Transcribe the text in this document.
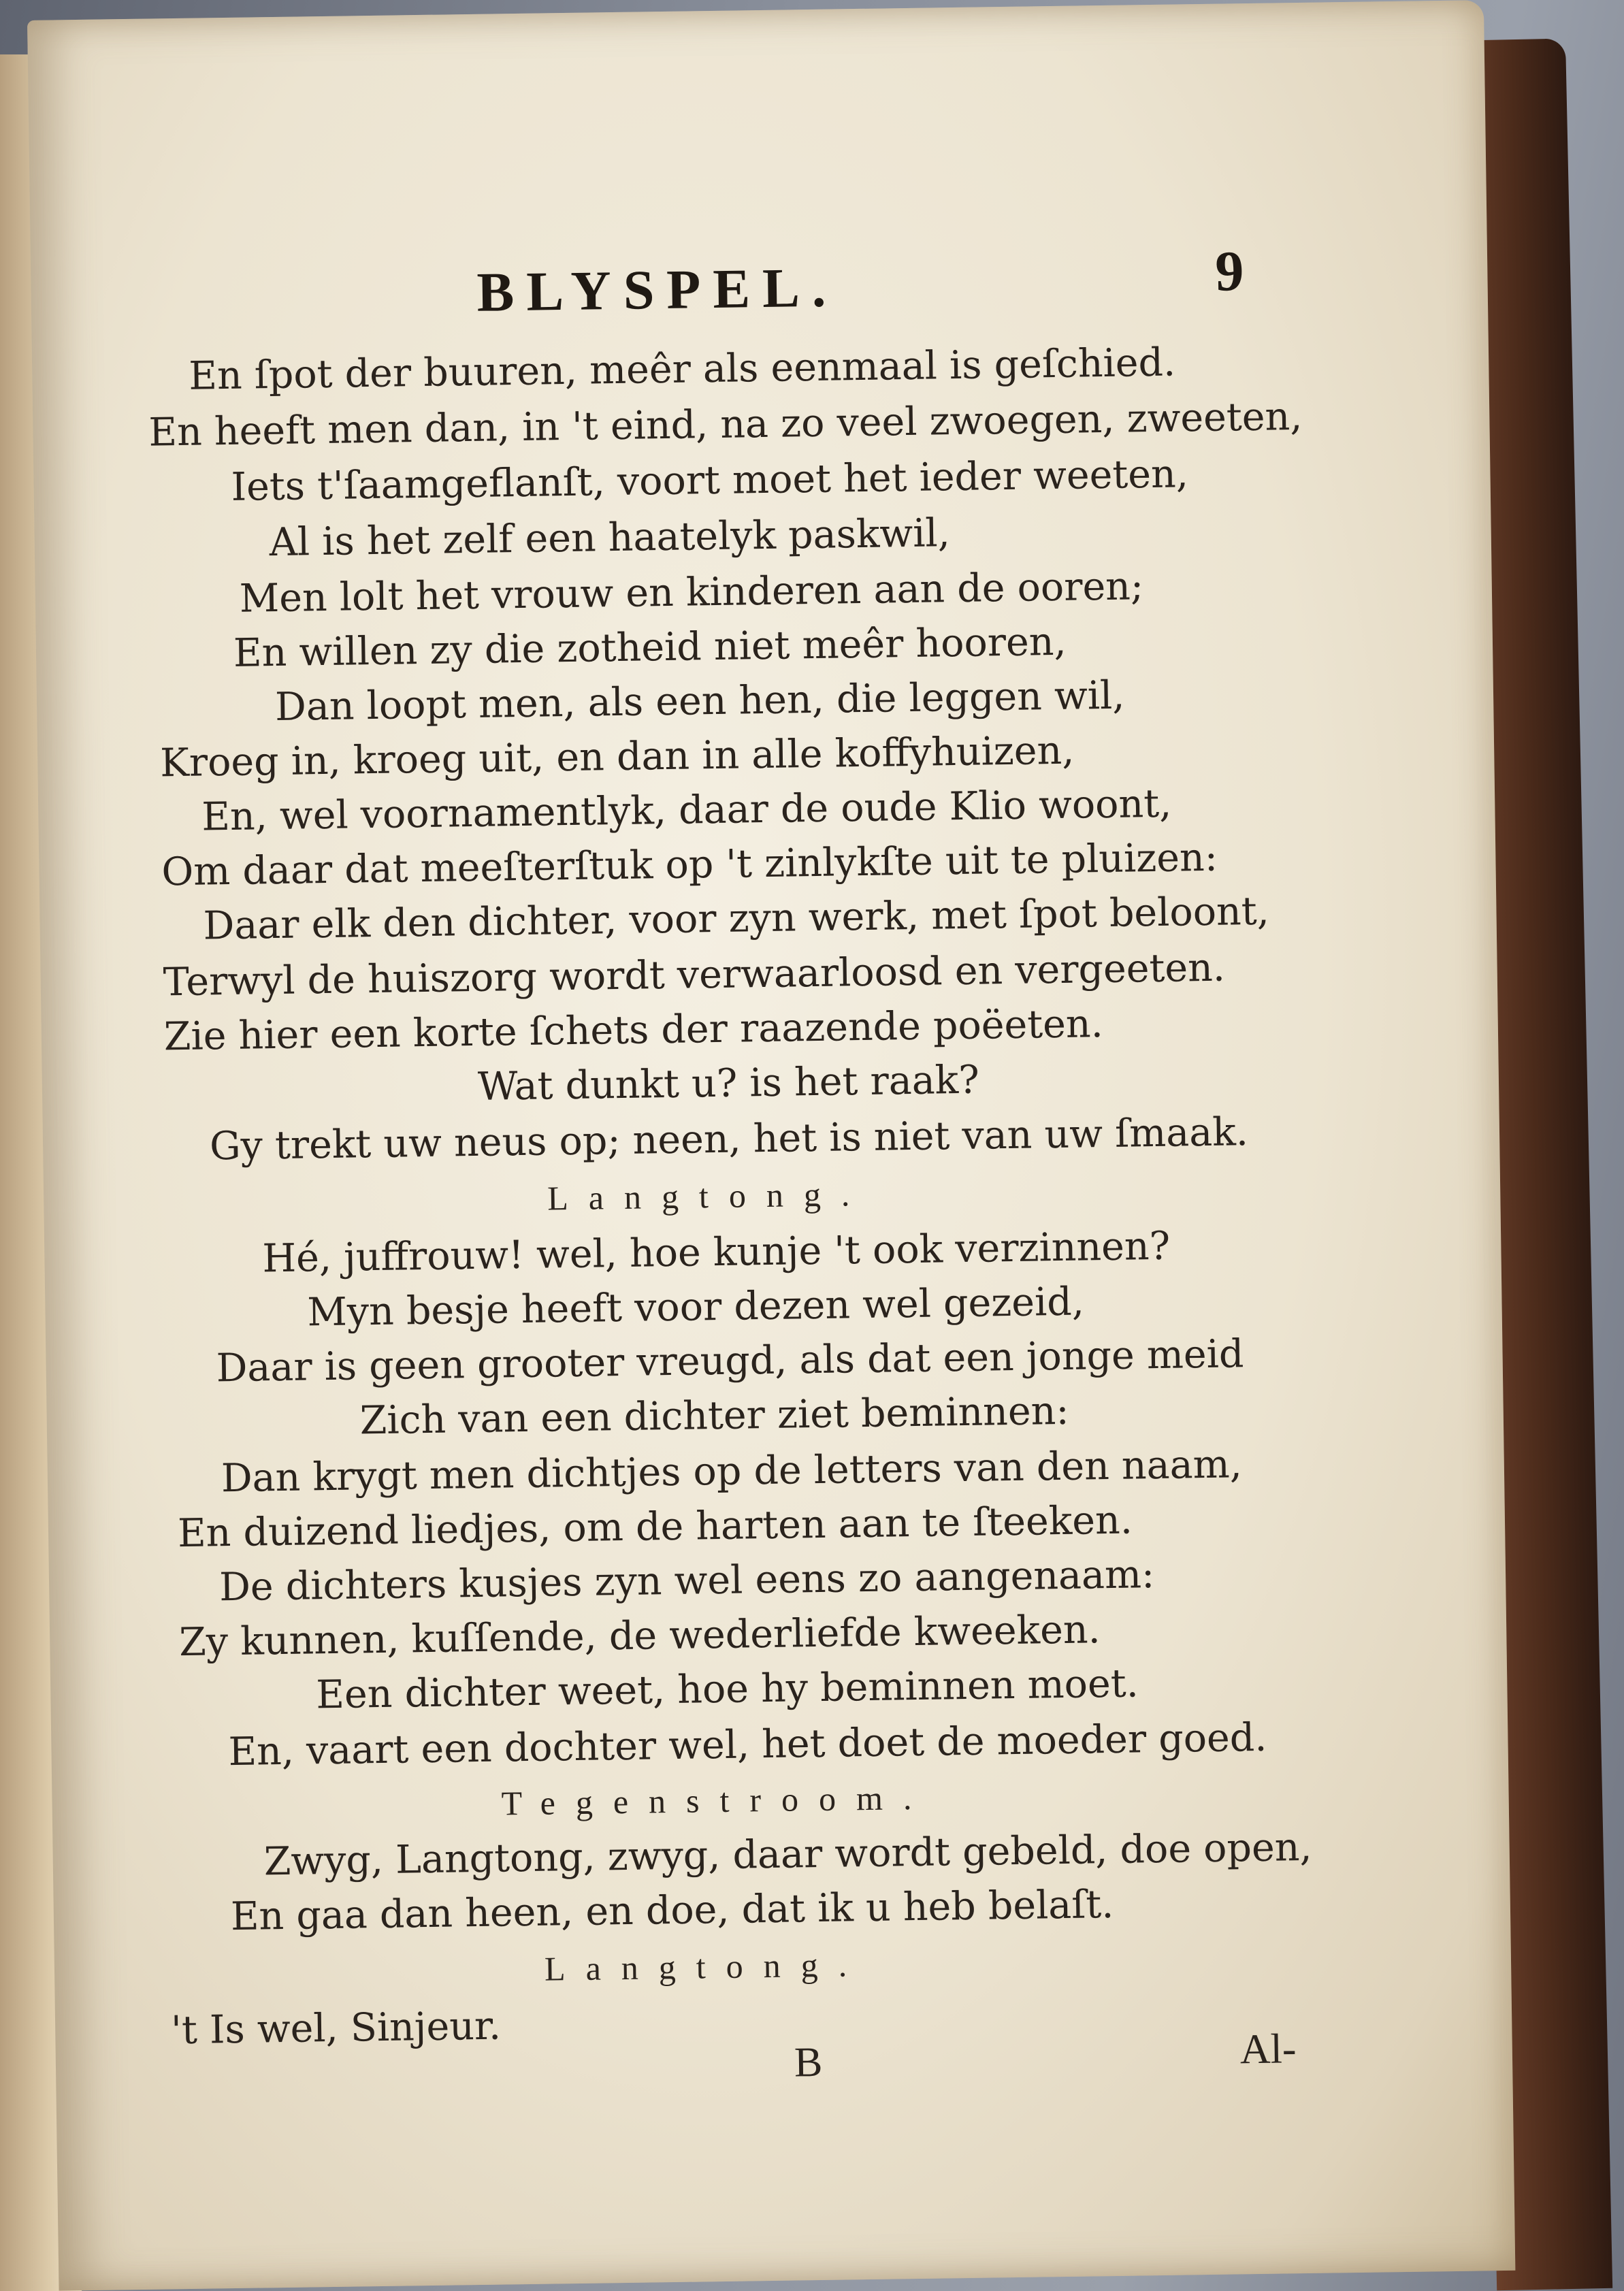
BLYSPEL.	9
En ſpot der buuren, meêr als eenmaal is geſchied.
En heeft men dan, in 't eind, na zo veel zwoegen, zweeten,
Iets t'ſaamgeflanſt, voort moet het ieder weeten,
Al is het zelf een haatelyk paskwil,
Men lolt het vrouw en kinderen aan de ooren;
En willen zy die zotheid niet meêr hooren,
Dan loopt men, als een hen, die leggen wil,
Kroeg in, kroeg uit, en dan in alle koffyhuizen,
En, wel voornamentlyk, daar de oude Klio woont,
Om daar dat meeſterſtuk op 't zinlykſte uit te pluizen:
Daar elk den dichter, voor zyn werk, met ſpot beloont,
Terwyl de huiszorg wordt verwaarloosd en vergeeten.
Zie hier een korte ſchets der raazende poëeten.
Wat dunkt u? is het raak?
Gy trekt uw neus op; neen, het is niet van uw ſmaak.
Langtong.
Hé, juffrouw! wel, hoe kunje 't ook verzinnen?
Myn besje heeft voor dezen wel gezeid,
Daar is geen grooter vreugd, als dat een jonge meid
Zich van een dichter ziet beminnen:
Dan krygt men dichtjes op de letters van den naam,
En duizend liedjes, om de harten aan te ſteeken.
De dichters kusjes zyn wel eens zo aangenaam:
Zy kunnen, kuſſende, de wederliefde kweeken.
Een dichter weet, hoe hy beminnen moet.
En, vaart een dochter wel, het doet de moeder goed.
Tegenstroom.
Zwyg, Langtong, zwyg, daar wordt gebeld, doe open,
En gaa dan heen, en doe, dat ik u heb belaſt.
Langtong.
't Is wel, Sinjeur.
B	Al-
